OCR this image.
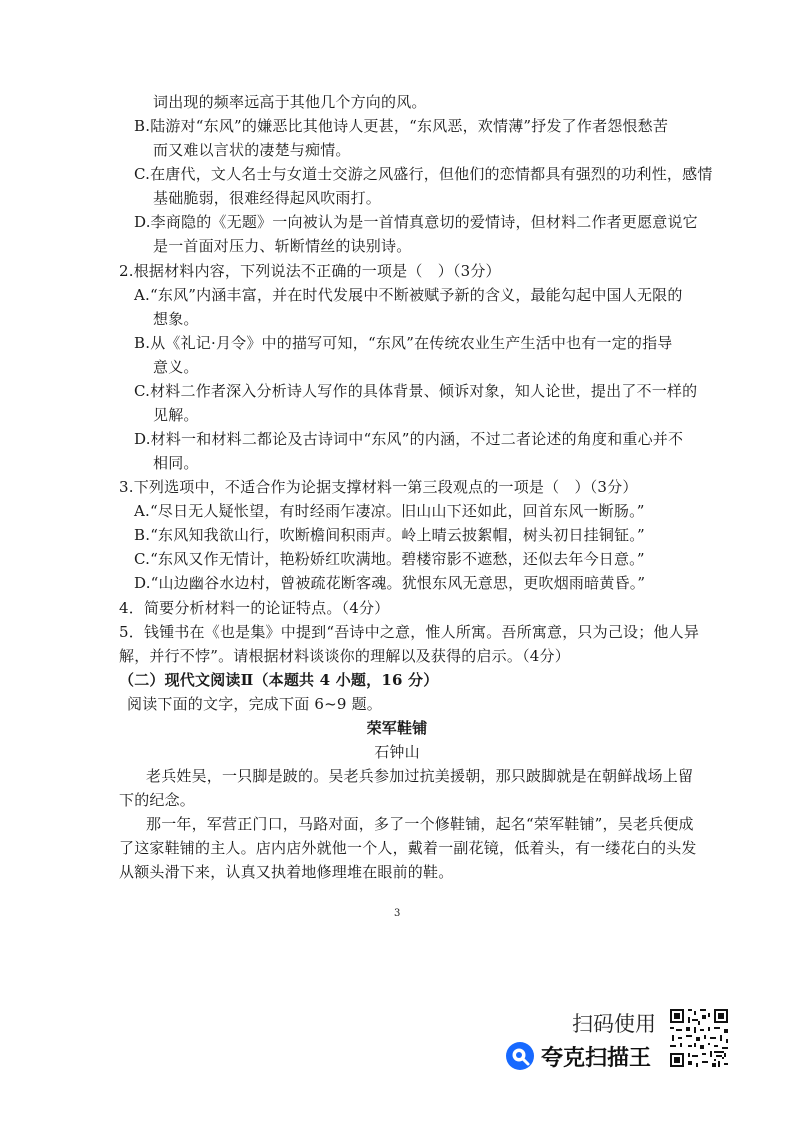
词出现的频率远高于其他几个方向的风。
B.陆游对“东风”的嫌恶比其他诗人更甚，“东风恶，欢情薄”抒发了作者怨恨愁苦
而又难以言状的凄楚与痴情。
C.在唐代，文人名士与女道士交游之风盛行，但他们的恋情都具有强烈的功利性，感情
基础脆弱，很难经得起风吹雨打。
D.李商隐的《无题》一向被认为是一首情真意切的爱情诗，但材料二作者更愿意说它
是一首面对压力、斩断情丝的诀别诗。
2.根据材料内容，下列说法不正确的一项是（　）（3分）
A.“东风”内涵丰富，并在时代发展中不断被赋予新的含义，最能勾起中国人无限的
想象。
B.从《礼记·月令》中的描写可知，“东风”在传统农业生产生活中也有一定的指导
意义。
C.材料二作者深入分析诗人写作的具体背景、倾诉对象，知人论世，提出了不一样的
见解。
D.材料一和材料二都论及古诗词中“东风”的内涵，不过二者论述的角度和重心并不
相同。
3.下列选项中，不适合作为论据支撑材料一第三段观点的一项是（　）（3分）
A.“尽日无人疑怅望，有时经雨乍凄凉。旧山山下还如此，回首东风一断肠。”
B.“东风知我欲山行，吹断檐间积雨声。岭上晴云披絮帽，树头初日挂铜钲。”
C.“东风又作无情计，艳粉娇红吹满地。碧楼帘影不遮愁，还似去年今日意。”
D.“山边幽谷水边村，曾被疏花断客魂。犹恨东风无意思，更吹烟雨暗黄昏。”
4．简要分析材料一的论证特点。（4分）
5．钱锺书在《也是集》中提到“吾诗中之意，惟人所寓。吾所寓意，只为己设；他人异
解，并行不悖”。请根据材料谈谈你的理解以及获得的启示。（4分）
（二）现代文阅读Ⅱ（本题共 4 小题，16 分）
阅读下面的文字，完成下面 6~9 题。
荣军鞋铺
石钟山
老兵姓吴，一只脚是跛的。吴老兵参加过抗美援朝，那只跛脚就是在朝鲜战场上留
下的纪念。
那一年，军营正门口，马路对面，多了一个修鞋铺，起名“荣军鞋铺”，吴老兵便成
了这家鞋铺的主人。店内店外就他一个人，戴着一副花镜，低着头，有一缕花白的头发
从额头滑下来，认真又执着地修理堆在眼前的鞋。
3
扫码使用
夸克扫描王
